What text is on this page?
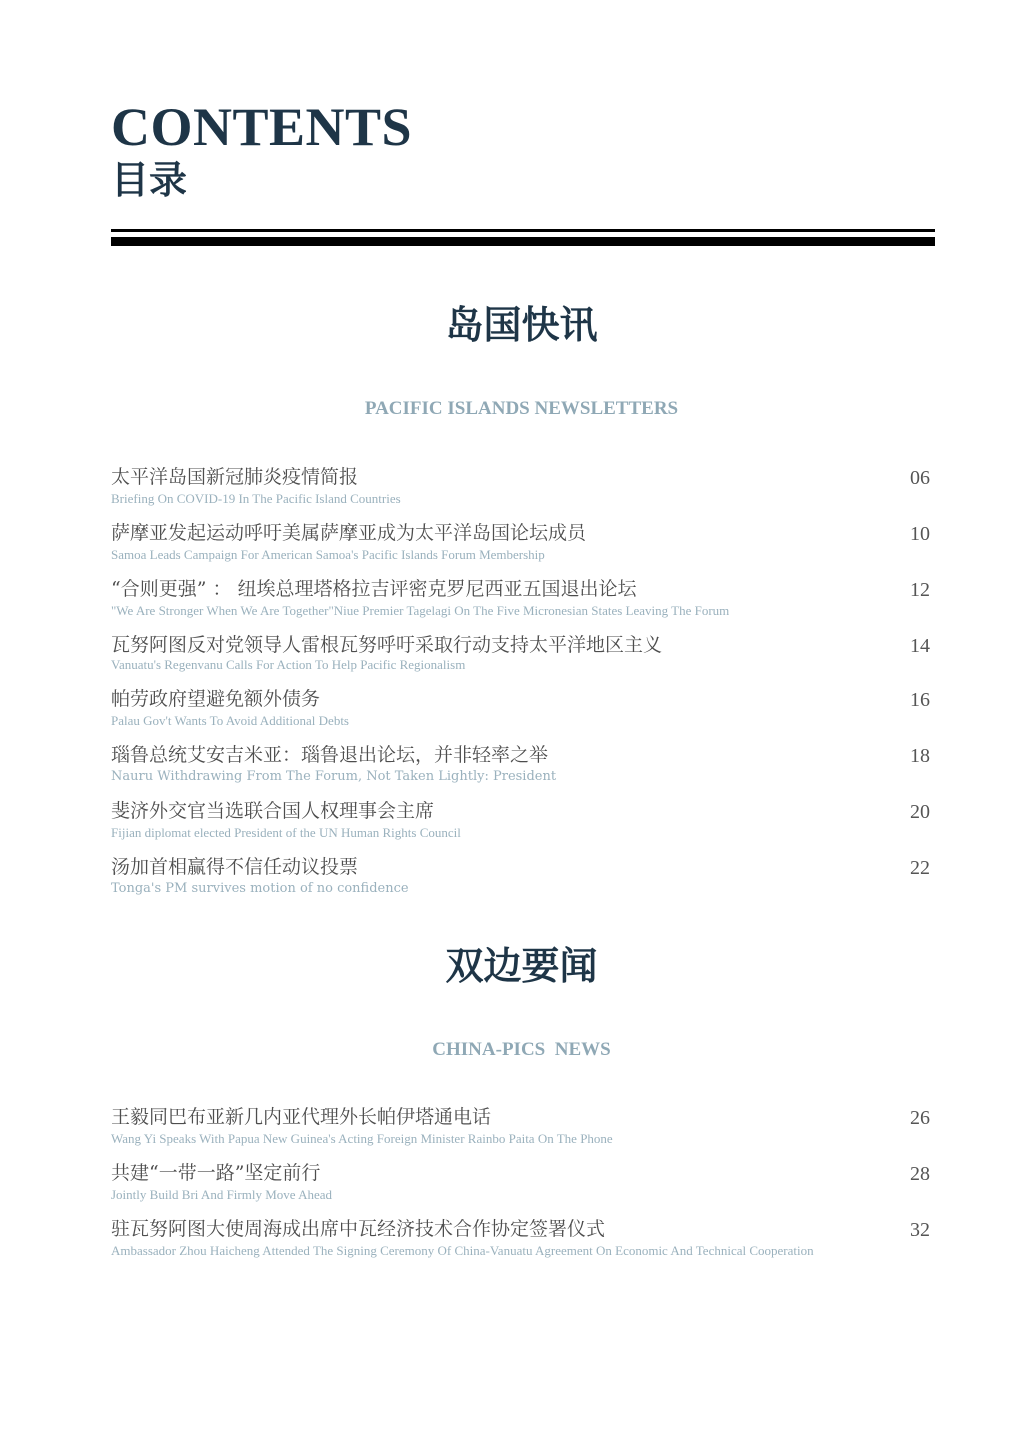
CONTENTS
目录
岛国快讯
PACIFIC ISLANDS NEWSLETTERS
太平洋岛国新冠肺炎疫情简报
Briefing On COVID-19 In The Pacific Island Countries
06
萨摩亚发起运动呼吁美属萨摩亚成为太平洋岛国论坛成员
Samoa Leads Campaign For American Samoa's Pacific Islands Forum Membership
10
“合则更强” ： 纽埃总理塔格拉吉评密克罗尼西亚五国退出论坛
"We Are Stronger When We Are Together"Niue Premier Tagelagi On The Five Micronesian States Leaving The Forum
12
瓦努阿图反对党领导人雷根瓦努呼吁采取行动支持太平洋地区主义
Vanuatu's Regenvanu Calls For Action To Help Pacific Regionalism
14
帕劳政府望避免额外债务
Palau Gov't Wants To Avoid Additional Debts
16
瑙鲁总统艾安吉米亚：瑙鲁退出论坛，并非轻率之举
Nauru Withdrawing From The Forum, Not Taken Lightly: President
18
斐济外交官当选联合国人权理事会主席
Fijian diplomat elected President of the UN Human Rights Council
20
汤加首相赢得不信任动议投票
Tonga's PM survives motion of no confidence
22
双边要闻
CHINA-PICS  NEWS
王毅同巴布亚新几内亚代理外长帕伊塔通电话
Wang Yi Speaks With Papua New Guinea's Acting Foreign Minister Rainbo Paita On The Phone
26
共建“一带一路”坚定前行
Jointly Build Bri And Firmly Move Ahead
28
驻瓦努阿图大使周海成出席中瓦经济技术合作协定签署仪式
Ambassador Zhou Haicheng Attended The Signing Ceremony Of China-Vanuatu Agreement On Economic And Technical Cooperation
32
